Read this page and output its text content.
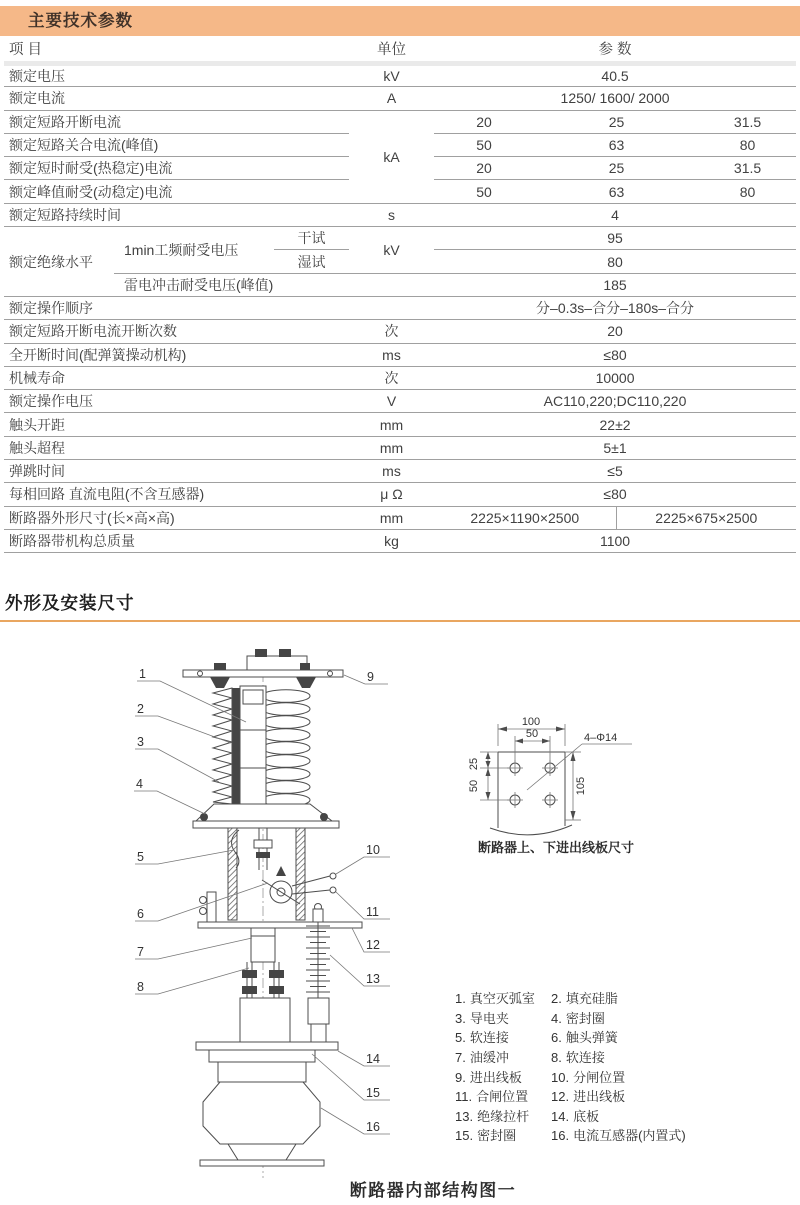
主要技术参数
项 目			单位	参 数			
额定电压			kV	40.5			
额定电流			A	1250/ 1600/ 2000			
额定短路开断电流			kA	20	25		31.5
额定短路关合电流(峰值)				50	63		80
额定短时耐受(热稳定)电流				20	25		31.5
额定峰值耐受(动稳定)电流				50	63		80
额定短路持续时间			s	4			
额定绝缘水平	1min工频耐受电压	干试	kV	95			
		湿试		80			
	雷电冲击耐受电压(峰值)			185			
额定操作顺序				分–0.3s–合分–180s–合分			
额定短路开断电流开断次数			次	20			
全开断时间(配弹簧操动机构)			ms	≤80			
机械寿命			次	10000			
额定操作电压			V	AC110,220;DC110,220			
触头开距			mm	22±2			
触头超程			mm	5±1			
弹跳时间			ms	≤5			
每相回路 直流电阻(不含互感器)			μ Ω	≤80			
断路器外形尺寸(长×高×高)			mm	2225×1190×2500		2225×675×2500	
断路器带机构总质量			kg	1100			
外形及安装尺寸
1
2
3
4
5
6
7
8
9
10
11
12
13
14
15
16
100
50	4–Φ14
25
50	105
断路器上、下进出线板尺寸
1. 真空灭弧室	2. 填充硅脂
3. 导电夹	4. 密封圈
5. 软连接	6. 触头弹簧
7. 油缓冲	8. 软连接
9. 进出线板	10. 分闸位置
11. 合闸位置	12. 进出线板
13. 绝缘拉杆	14. 底板
15. 密封圈	16. 电流互感器(内置式)
断路器内部结构图一
